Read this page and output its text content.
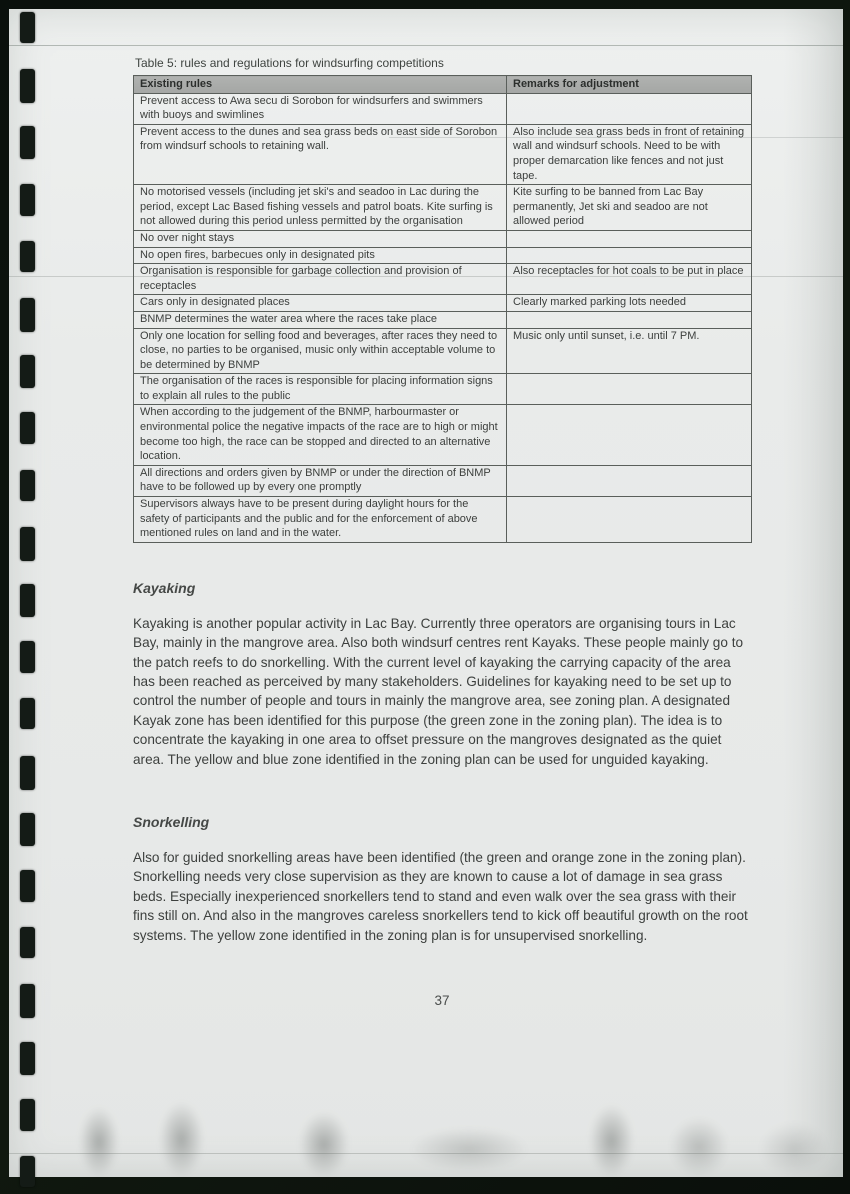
Table 5: rules and regulations for windsurfing competitions

Existing rules	Remarks for adjustment
Prevent access to Awa secu di Sorobon for windsurfers and swimmers with buoys and swimlines	
Prevent access to the dunes and sea grass beds on east side of Sorobon from windsurf schools to retaining wall.	Also include sea grass beds in front of retaining wall and windsurf schools. Need to be with proper demarcation like fences and not just tape.
No motorised vessels (including jet ski's and seadoo in Lac during the period, except Lac Based fishing vessels and patrol boats. Kite surfing is not allowed during this period unless permitted by the organisation	Kite surfing to be banned from Lac Bay permanently, Jet ski and seadoo are not allowed period
No over night stays	
No open fires, barbecues only in designated pits	
Organisation is responsible for garbage collection and provision of receptacles	Also receptacles for hot coals to be put in place
Cars only in designated places	Clearly marked parking lots needed
BNMP determines the water area where the races take place	
Only one location for selling food and beverages, after races they need to close, no parties to be organised, music only within acceptable volume to be determined by BNMP	Music only until sunset, i.e. until 7 PM.
The organisation of the races is responsible for placing information signs to explain all rules to the public	
When according to the judgement of the BNMP, harbourmaster or environmental police the negative impacts of the race are to high or might become too high, the race can be stopped and directed to an alternative location.	
All directions and orders given by BNMP or under the direction of BNMP have to be followed up by every one promptly	
Supervisors always have to be present during daylight hours for the safety of participants and the public and for the enforcement of above mentioned rules on land and in the water.	
Kayaking

Kayaking is another popular activity in Lac Bay. Currently three operators are organising tours in Lac Bay, mainly in the mangrove area. Also both windsurf centres rent Kayaks. These people mainly go to the patch reefs to do snorkelling. With the current level of kayaking the carrying capacity of the area has been reached as perceived by many stakeholders. Guidelines for kayaking need to be set up to control the number of people and tours in mainly the mangrove area, see zoning plan. A designated Kayak zone has been identified for this purpose (the green zone in the zoning plan). The idea is to concentrate the kayaking in one area to offset pressure on the mangroves designated as the quiet area. The yellow and blue zone identified in the zoning plan can be used for unguided kayaking.

Snorkelling

Also for guided snorkelling areas have been identified (the green and orange zone in the zoning plan). Snorkelling needs very close supervision as they are known to cause a lot of damage in sea grass beds. Especially inexperienced snorkellers tend to stand and even walk over the sea grass with their fins still on. And also in the mangroves careless snorkellers tend to kick off beautiful growth on the root systems. The yellow zone identified in the zoning plan is for unsupervised snorkelling.

37
